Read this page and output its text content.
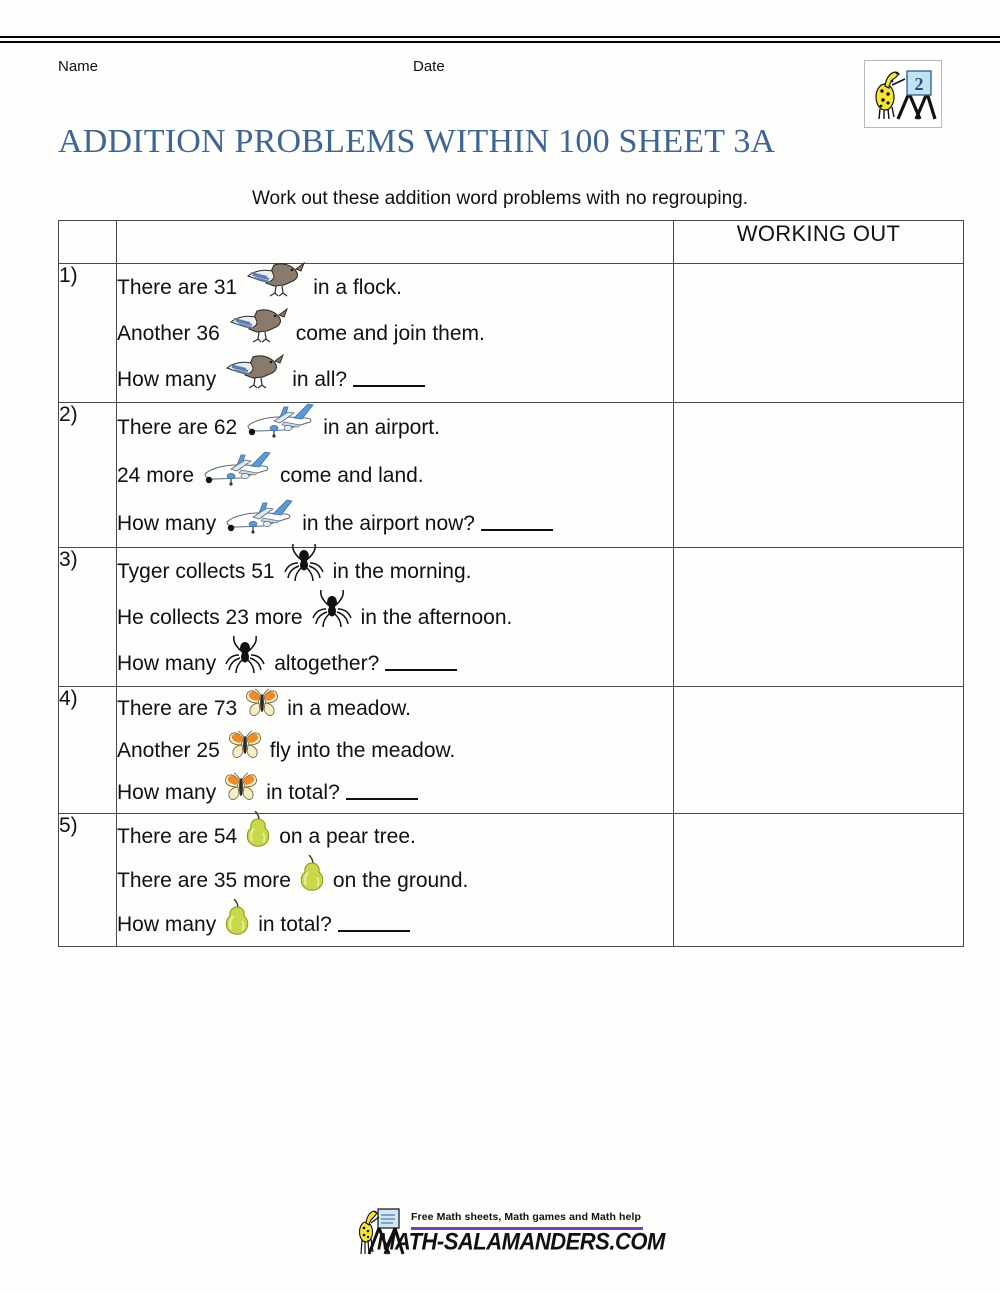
Name	Date
2
ADDITION PROBLEMS WITHIN 100 SHEET 3A
Work out these addition word problems with no regrouping.
		WORKING OUT
1)	There are 31	in a flock.
Another 36	come and join them.
How many	in all?

2)	
There are 62	in an airport.
24 more	come and land.
How many	in the airport now?

3)	Tyger collects 51	in the morning.
He collects 23 more	in the afternoon.
How many	altogether?

4)	There are 73 in a meadow.
Another 25 fly into the meadow.
How many in total?

5)	There are 54 on a pear tree.
There are 35 more on the ground.
How many in total?

Free Math sheets, Math games and Math help
MATH-SALAMANDERS.COM
